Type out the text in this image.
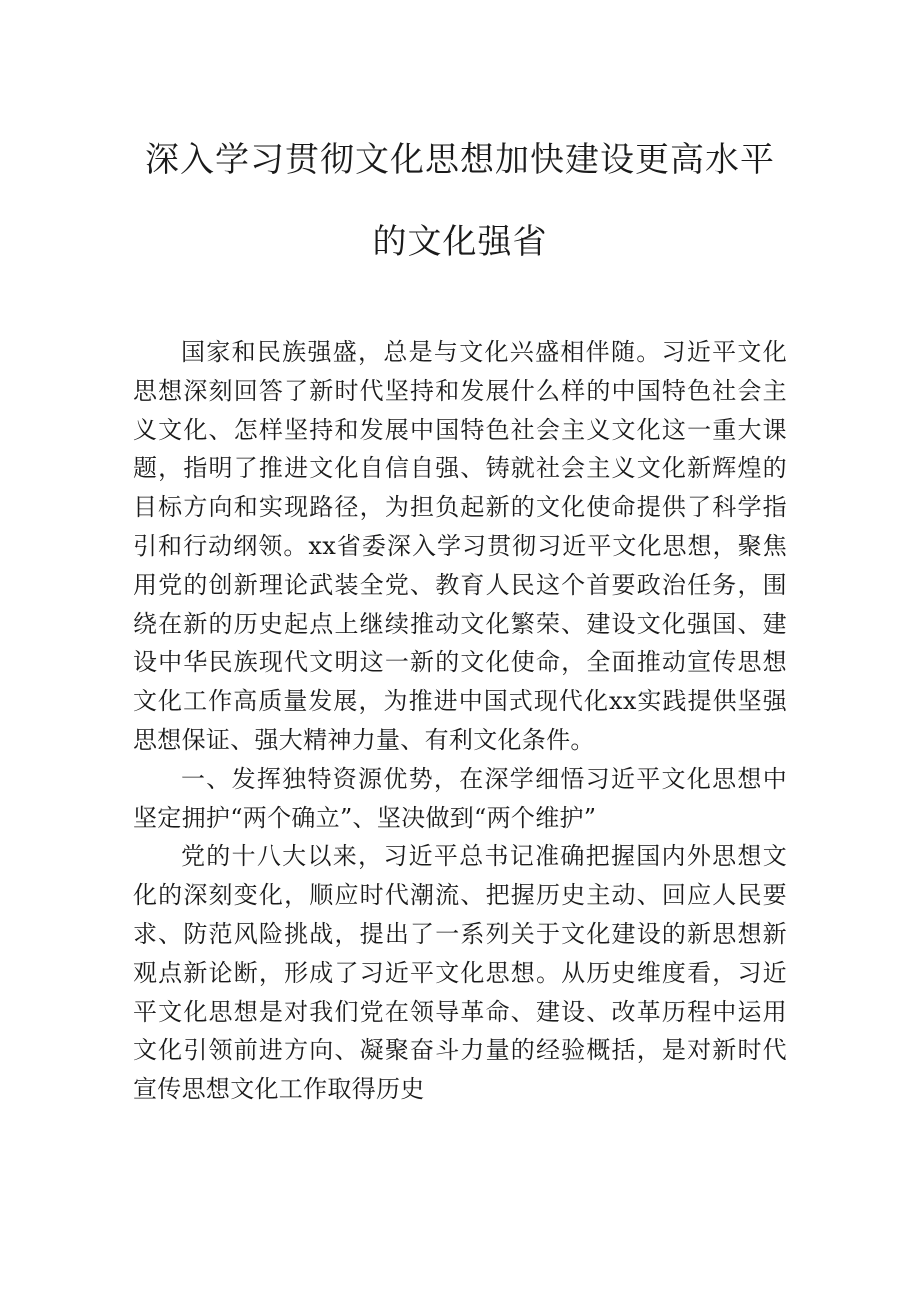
深入学习贯彻文化思想加快建设更高水平
的文化强省

国家和民族强盛，总是与文化兴盛相伴随。习近平文化思想深刻回答了新时代坚持和发展什么样的中国特色社会主义文化、怎样坚持和发展中国特色社会主义文化这一重大课题，指明了推进文化自信自强、铸就社会主义文化新辉煌的目标方向和实现路径，为担负起新的文化使命提供了科学指引和行动纲领。xx省委深入学习贯彻习近平文化思想，聚焦用党的创新理论武装全党、教育人民这个首要政治任务，围绕在新的历史起点上继续推动文化繁荣、建设文化强国、建设中华民族现代文明这一新的文化使命，全面推动宣传思想文化工作高质量发展，为推进中国式现代化xx实践提供坚强思想保证、强大精神力量、有利文化条件。

一、发挥独特资源优势，在深学细悟习近平文化思想中坚定拥护“两个确立”、坚决做到“两个维护”

党的十八大以来，习近平总书记准确把握国内外思想文化的深刻变化，顺应时代潮流、把握历史主动、回应人民要求、防范风险挑战，提出了一系列关于文化建设的新思想新观点新论断，形成了习近平文化思想。从历史维度看，习近平文化思想是对我们党在领导革命、建设、改革历程中运用文化引领前进方向、凝聚奋斗力量的经验概括，是对新时代宣传思想文化工作取得历史
